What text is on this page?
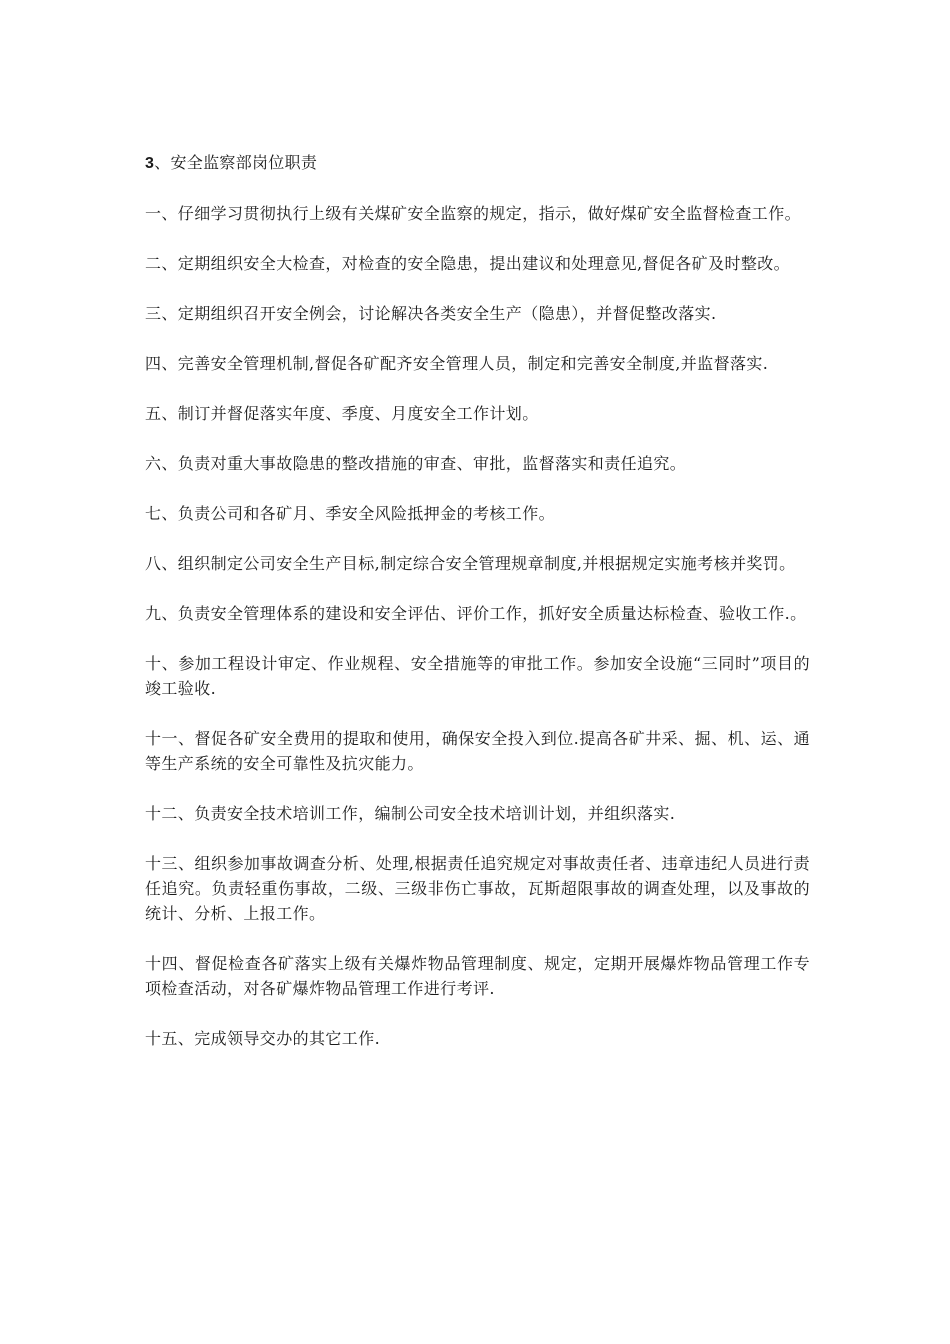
3、安全监察部岗位职责

一、仔细学习贯彻执行上级有关煤矿安全监察的规定，指示，做好煤矿安全监督检查工作。

二、定期组织安全大检查，对检查的安全隐患，提出建议和处理意见,督促各矿及时整改。

三、定期组织召开安全例会，讨论解决各类安全生产（隐患），并督促整改落实.

四、完善安全管理机制,督促各矿配齐安全管理人员，制定和完善安全制度,并监督落实.

五、制订并督促落实年度、季度、月度安全工作计划。

六、负责对重大事故隐患的整改措施的审查、审批，监督落实和责任追究。

七、负责公司和各矿月、季安全风险抵押金的考核工作。

八、组织制定公司安全生产目标,制定综合安全管理规章制度,并根据规定实施考核并奖罚。

九、负责安全管理体系的建设和安全评估、评价工作，抓好安全质量达标检查、验收工作.。

十、参加工程设计审定、作业规程、安全措施等的审批工作。参加安全设施“三同时”项目的竣工验收.

十一、督促各矿安全费用的提取和使用，确保安全投入到位.提高各矿井采、掘、机、运、通等生产系统的安全可靠性及抗灾能力。

十二、负责安全技术培训工作，编制公司安全技术培训计划，并组织落实.

十三、组织参加事故调查分析、处理,根据责任追究规定对事故责任者、违章违纪人员进行责任追究。负责轻重伤事故，二级、三级非伤亡事故，瓦斯超限事故的调查处理，以及事故的统计、分析、上报工作。

十四、督促检查各矿落实上级有关爆炸物品管理制度、规定，定期开展爆炸物品管理工作专项检查活动，对各矿爆炸物品管理工作进行考评.

十五、完成领导交办的其它工作.
